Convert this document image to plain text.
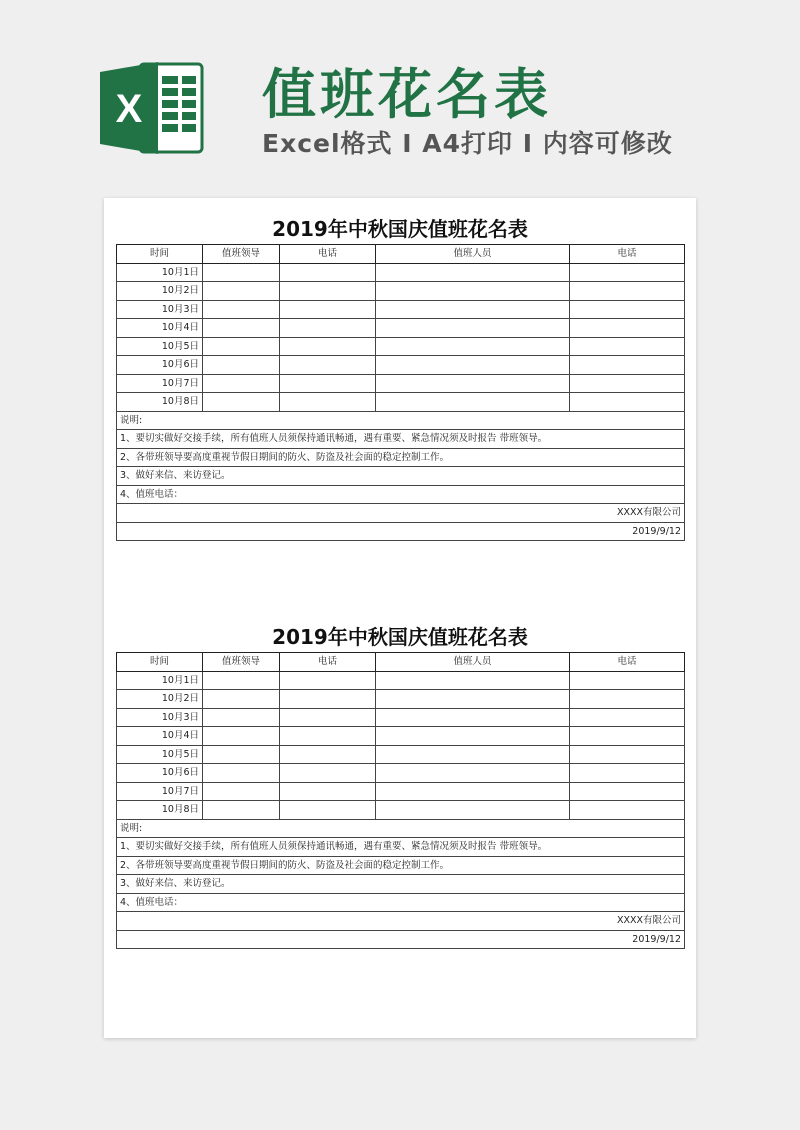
X 值班花名表
Excel格式 I A4打印 I 内容可修改
2019年中秋国庆值班花名表
时间	值班领导	电话	值班人员	电话
10月1日				
10月2日				
10月3日				
10月4日				
10月5日				
10月6日				
10月7日				
10月8日				
说明:				
1、要切实做好交接手续，所有值班人员须保持通讯畅通，遇有重要、紧急情况须及时报告 带班领导。				
2、各带班领导要高度重视节假日期间的防火、防盗及社会面的稳定控制工作。				
3、做好来信、来访登记。				
4、值班电话：				
XXXX有限公司				
2019/9/12				
2019年中秋国庆值班花名表
时间	值班领导	电话	值班人员	电话
10月1日				
10月2日				
10月3日				
10月4日				
10月5日				
10月6日				
10月7日				
10月8日				
说明:				
1、要切实做好交接手续，所有值班人员须保持通讯畅通，遇有重要、紧急情况须及时报告 带班领导。				
2、各带班领导要高度重视节假日期间的防火、防盗及社会面的稳定控制工作。				
3、做好来信、来访登记。				
4、值班电话：				
XXXX有限公司				
2019/9/12				
